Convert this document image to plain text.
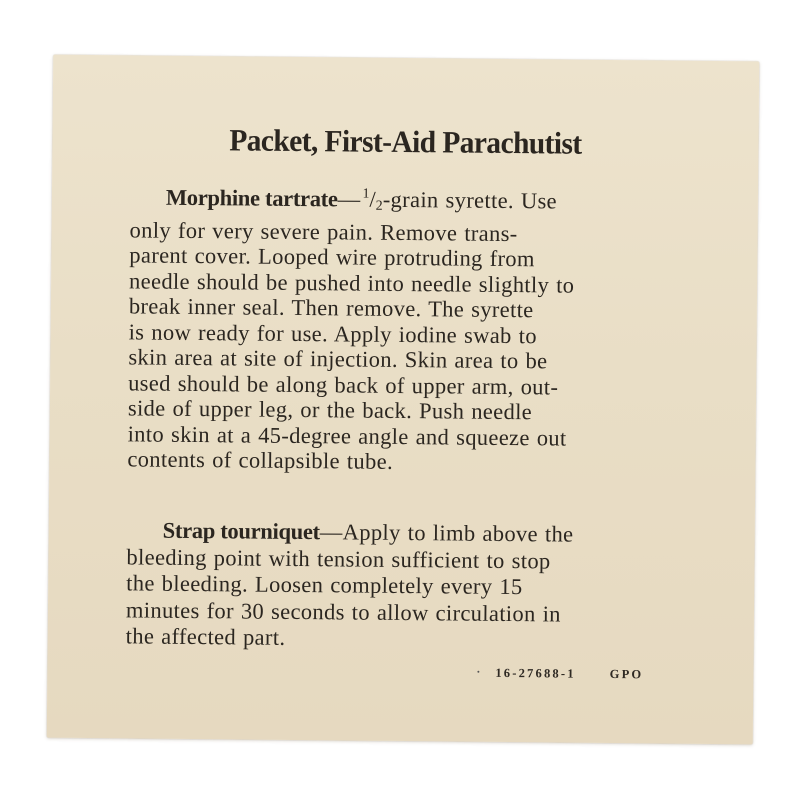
Packet, First-Aid Parachutist
Morphine tartrate— $^1$/2-grain syrette. Use
only for very severe pain. Remove trans-
parent cover. Looped wire protruding from
needle should be pushed into needle slightly to
break inner seal. Then remove. The syrette
is now ready for use. Apply iodine swab to
skin area at site of injection. Skin area to be
used should be along back of upper arm, out-
side of upper leg, or the back. Push needle
into skin at a 45-degree angle and squeeze out
contents of collapsible tube.
Strap tourniquet—Apply to limb above the
bleeding point with tension sufficient to stop
the bleeding. Loosen completely every 15
minutes for 30 seconds to allow circulation in
the affected part.
16-27688-1	GPO
